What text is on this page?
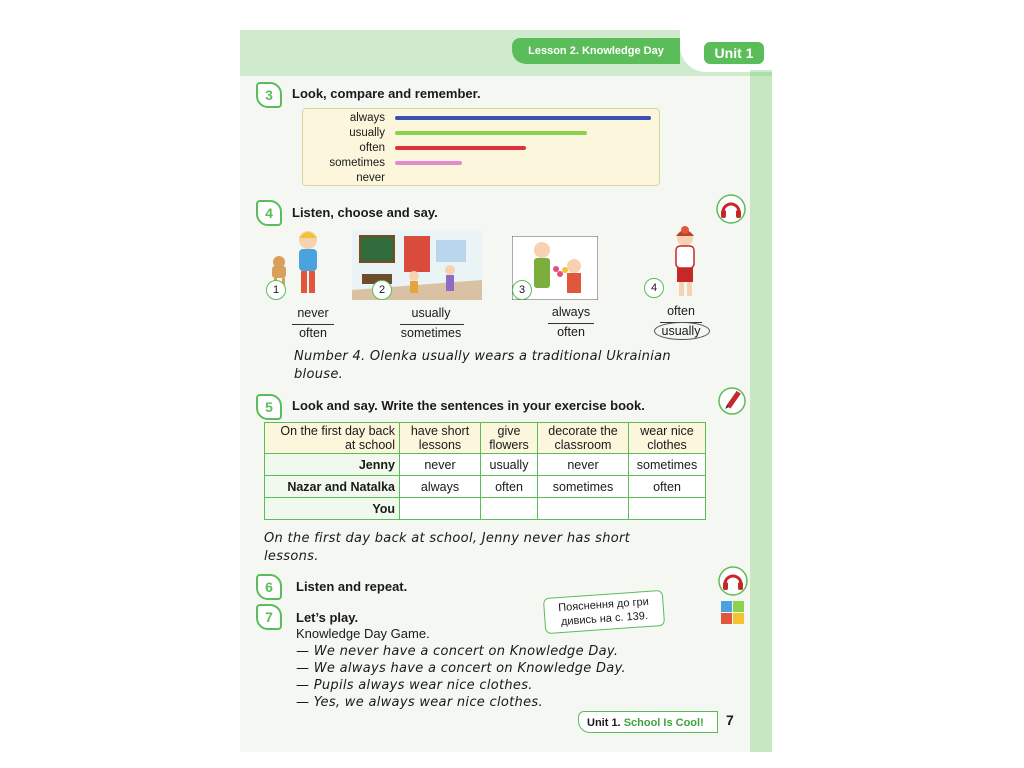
Lesson 2. Knowledge Day	Unit 1
3	Look, compare and remember.
always
usually
often
sometimes
never
4	Listen, choose and say.
1	2	3	4
never
often
usually
sometimes
always
often
often
usually
Number 4. Olenka usually wears a traditional Ukrainian blouse.
5	Look and say. Write the sentences in your exercise book.
On the first day back at school	have short lessons	give flowers	decorate the classroom	wear nice clothes
Jenny	never	usually	never	sometimes
Nazar and Natalka	always	often	sometimes	often
You				
On the first day back at school, Jenny never has short lessons.
6	Listen and repeat.
7	Let’s play.
Knowledge Day Game.
Пояснення до гри дивись на с. 139.
— We never have a concert on Knowledge Day.
— We always have a concert on Knowledge Day.
— Pupils always wear nice clothes.
— Yes, we always wear nice clothes.
Unit 1. School Is Cool!	7
